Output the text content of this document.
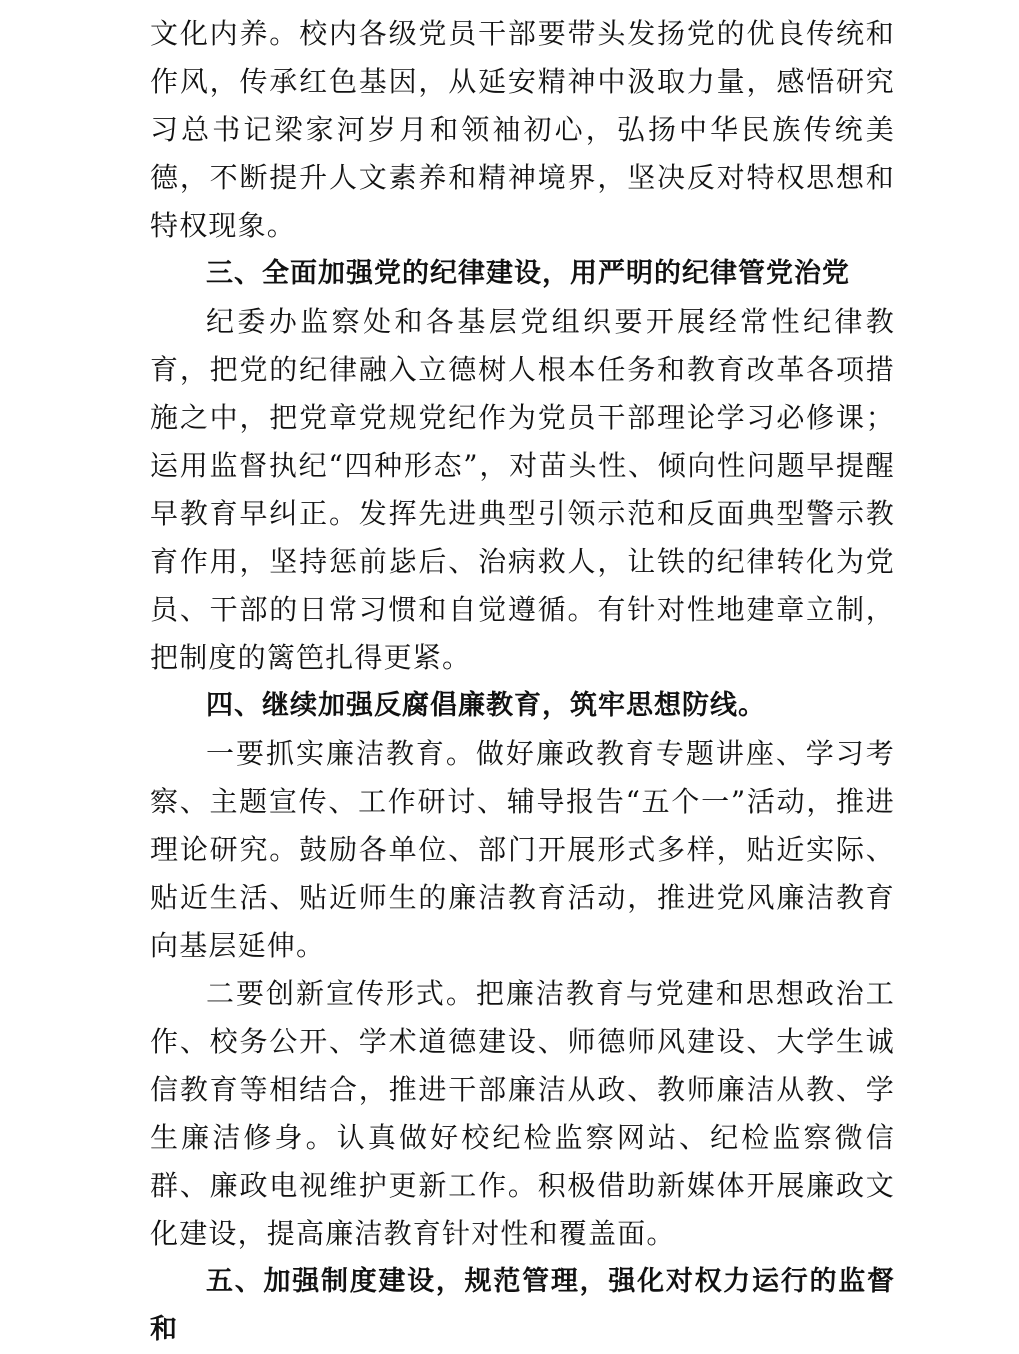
文化内养。校内各级党员干部要带头发扬党的优良传统和作风，传承红色基因，从延安精神中汲取力量，感悟研究习总书记梁家河岁月和领袖初心，弘扬中华民族传统美德，不断提升人文素养和精神境界，坚决反对特权思想和特权现象。

三、全面加强党的纪律建设，用严明的纪律管党治党

纪委办监察处和各基层党组织要开展经常性纪律教育，把党的纪律融入立德树人根本任务和教育改革各项措施之中，把党章党规党纪作为党员干部理论学习必修课；运用监督执纪“四种形态”，对苗头性、倾向性问题早提醒早教育早纠正。发挥先进典型引领示范和反面典型警示教育作用，坚持惩前毖后、治病救人，让铁的纪律转化为党员、干部的日常习惯和自觉遵循。有针对性地建章立制，把制度的篱笆扎得更紧。

四、继续加强反腐倡廉教育，筑牢思想防线。

一要抓实廉洁教育。做好廉政教育专题讲座、学习考察、主题宣传、工作研讨、辅导报告“五个一”活动，推进理论研究。鼓励各单位、部门开展形式多样，贴近实际、贴近生活、贴近师生的廉洁教育活动，推进党风廉洁教育向基层延伸。

二要创新宣传形式。把廉洁教育与党建和思想政治工作、校务公开、学术道德建设、师德师风建设、大学生诚信教育等相结合，推进干部廉洁从政、教师廉洁从教、学生廉洁修身。认真做好校纪检监察网站、纪检监察微信群、廉政电视维护更新工作。积极借助新媒体开展廉政文化建设，提高廉洁教育针对性和覆盖面。

五、加强制度建设，规范管理，强化对权力运行的监督和
